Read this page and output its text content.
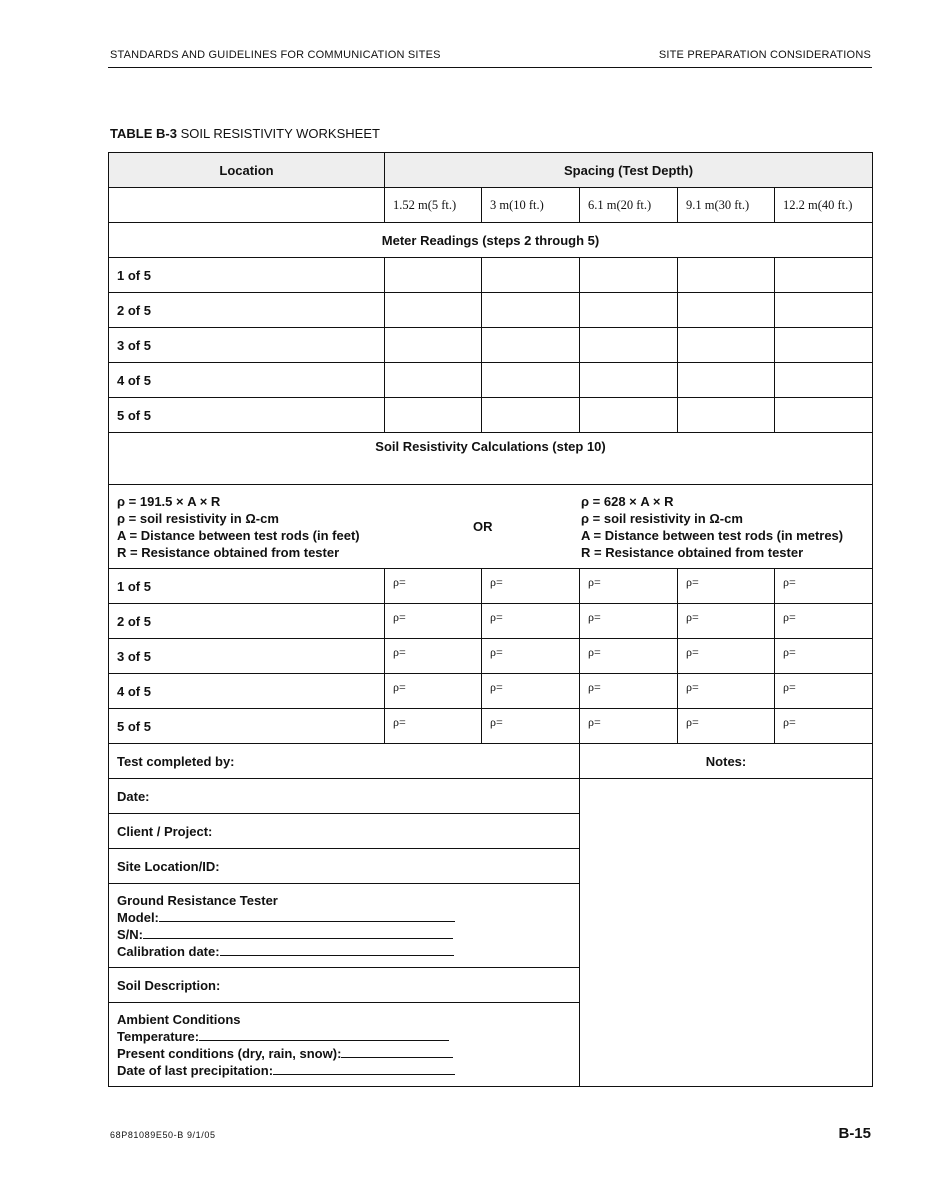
STANDARDS AND GUIDELINES FOR COMMUNICATION SITES	SITE PREPARATION CONSIDERATIONS
TABLE B-3 SOIL RESISTIVITY WORKSHEET
Location	Spacing (Test Depth)
	1.52 m(5 ft.)	3 m(10 ft.)	6.1 m(20 ft.)	9.1 m(30 ft.)	12.2 m(40 ft.)
Meter Readings (steps 2 through 5)
1 of 5					
2 of 5					
3 of 5					
4 of 5					
5 of 5					
Soil Resistivity Calculations (step 10)

ρ = 191.5 × A × R
ρ = soil resistivity in Ω-cm
A = Distance between test rods (in feet)
R = Resistance obtained from tester
	OR	
ρ = 628 × A × R
ρ = soil resistivity in Ω-cm
A = Distance between test rods (in metres)
R = Resistance obtained from tester

1 of 5	ρ=	ρ=	ρ=	ρ=	ρ=
2 of 5	ρ=	ρ=	ρ=	ρ=	ρ=
3 of 5	ρ=	ρ=	ρ=	ρ=	ρ=
4 of 5	ρ=	ρ=	ρ=	ρ=	ρ=
5 of 5	ρ=	ρ=	ρ=	ρ=	ρ=
Test completed by:	Notes:
Date:	
Client / Project:
Site Location/ID:

Ground Resistance Tester
Model:
S/N:
Calibration date:

Soil Description:

Ambient Conditions
Temperature:
Present conditions (dry, rain, snow):
Date of last precipitation:
68P81089E50-B 9/1/05	B-15
